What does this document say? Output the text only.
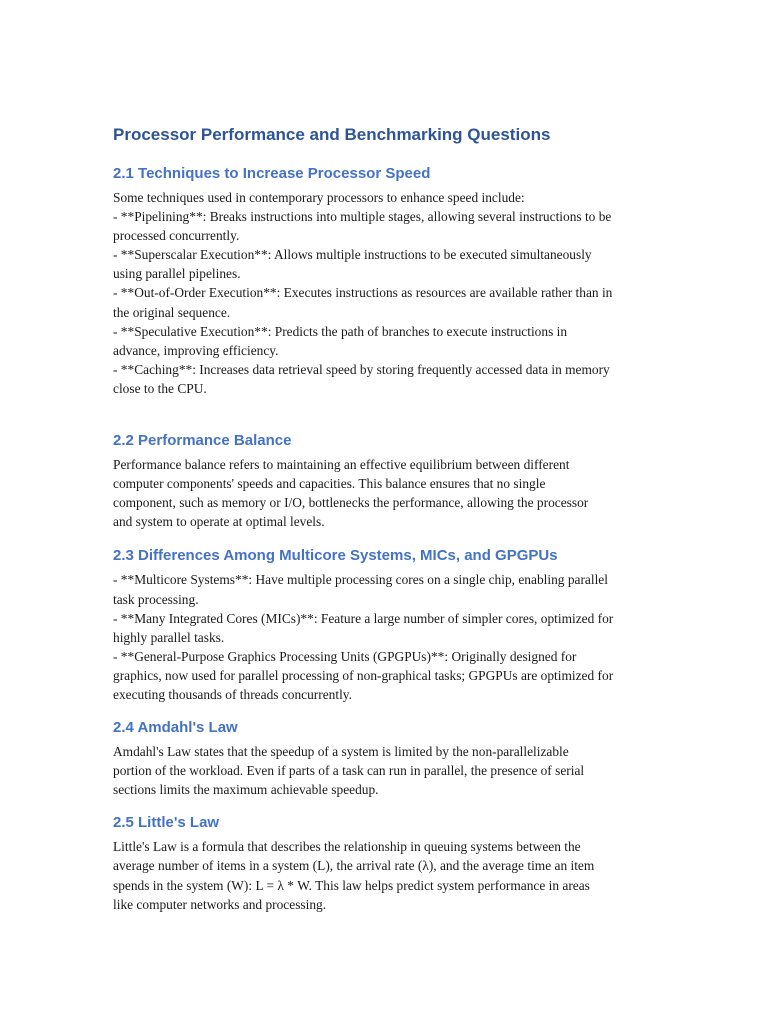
Processor Performance and Benchmarking Questions
2.1 Techniques to Increase Processor Speed

Some techniques used in contemporary processors to enhance speed include:
- **Pipelining**: Breaks instructions into multiple stages, allowing several instructions to be
processed concurrently.
- **Superscalar Execution**: Allows multiple instructions to be executed simultaneously
using parallel pipelines.
- **Out-of-Order Execution**: Executes instructions as resources are available rather than in
the original sequence.
- **Speculative Execution**: Predicts the path of branches to execute instructions in
advance, improving efficiency.
- **Caching**: Increases data retrieval speed by storing frequently accessed data in memory
close to the CPU.

2.2 Performance Balance

Performance balance refers to maintaining an effective equilibrium between different
computer components' speeds and capacities. This balance ensures that no single
component, such as memory or I/O, bottlenecks the performance, allowing the processor
and system to operate at optimal levels.

2.3 Differences Among Multicore Systems, MICs, and GPGPUs

- **Multicore Systems**: Have multiple processing cores on a single chip, enabling parallel
task processing.
- **Many Integrated Cores (MICs)**: Feature a large number of simpler cores, optimized for
highly parallel tasks.
- **General-Purpose Graphics Processing Units (GPGPUs)**: Originally designed for
graphics, now used for parallel processing of non-graphical tasks; GPGPUs are optimized for
executing thousands of threads concurrently.

2.4 Amdahl's Law

Amdahl's Law states that the speedup of a system is limited by the non-parallelizable
portion of the workload. Even if parts of a task can run in parallel, the presence of serial
sections limits the maximum achievable speedup.

2.5 Little's Law

Little's Law is a formula that describes the relationship in queuing systems between the
average number of items in a system (L), the arrival rate (λ), and the average time an item
spends in the system (W): L = λ * W. This law helps predict system performance in areas
like computer networks and processing.
